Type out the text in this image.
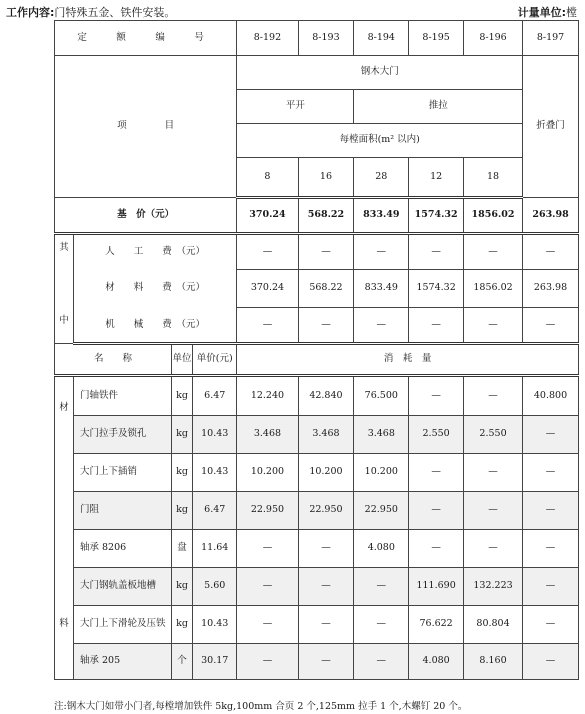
工作内容:门特殊五金、铁件安装。	计量单位:樘
定　额　编　号				8-192	8-193	8-194	8-195	8-196	8-197
项　　　　目				钢木大门					折叠门
				平开		推拉			
				每樘面积(m² 以内)					
				8	16	28	12	18	
基　价（元）				370.24	568.22	833.49	1574.32	1856.02	263.98
其

中	人　　工　　费　（元）			—	—	—	—	—	—
	材　　料　　费　（元）			370.24	568.22	833.49	1574.32	1856.02	263.98
	机　　械　　费　（元）			—	—	—	—	—	—
名　　称		单位	单价(元)	消　耗　量					
材
料	门轴铁件	kg	6.47	12.240	42.840	76.500	—	—	40.800
	大门拉手及锁孔	kg	10.43	3.468	3.468	3.468	2.550	2.550	—
	大门上下插销	kg	10.43	10.200	10.200	10.200	—	—	—
	门阻	kg	6.47	22.950	22.950	22.950	—	—	—
	轴承 8206	盘	11.64	—	—	4.080	—	—	—
	大门钢轨盖板地槽	kg	5.60	—	—	—	111.690	132.223	—
	大门上下滑轮及压铁	kg	10.43	—	—	—	76.622	80.804	—
	轴承 205	个	30.17	—	—	—	4.080	8.160	—
注:钢木大门如带小门者,每樘增加铁件 5kg,100mm 合页 2 个,125mm 拉手 1 个,木螺钉 20 个。
